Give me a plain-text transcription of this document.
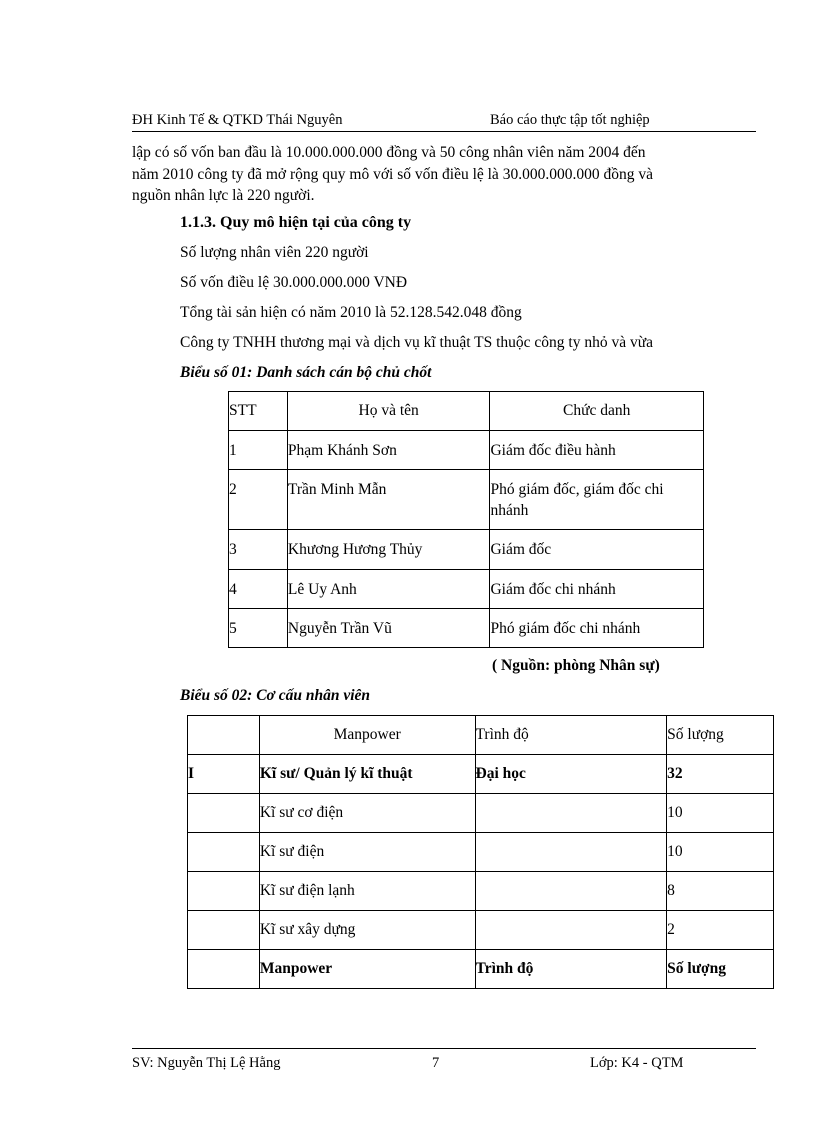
ĐH Kinh Tế & QTKD Thái Nguyên	Báo cáo thực tập tốt nghiệp
lập có số vốn ban đầu là 10.000.000.000 đồng và 50 công nhân viên năm 2004 đến
năm 2010 công ty đã mở rộng quy mô với số vốn điều lệ là 30.000.000.000 đồng và
nguồn nhân lực là 220 người.
1.1.3. Quy mô hiện tại của công ty
Số lượng nhân viên 220 người
Số vốn điều lệ 30.000.000.000 VNĐ
Tổng tài sản hiện có năm 2010 là 52.128.542.048 đồng
Công ty TNHH thương mại và dịch vụ kĩ thuật TS thuộc công ty nhỏ và vừa
Biểu số 01: Danh sách cán bộ chủ chốt
STT	Họ và tên	Chức danh
1	Phạm Khánh Sơn	Giám đốc điều hành
2	Trần Minh Mẫn	Phó giám đốc, giám đốc chi nhánh
3	Khương Hương Thủy	Giám đốc
4	Lê Uy Anh	Giám đốc chi nhánh
5	Nguyễn Trần Vũ	Phó giám đốc chi nhánh
( Nguồn: phòng Nhân sự)
Biểu số 02: Cơ cấu nhân viên
	Manpower	Trình độ	Số lượng
I	Kĩ sư/ Quản lý kĩ thuật	Đại học	32
	Kĩ sư cơ điện		10
	Kĩ sư điện		10
	Kĩ sư điện lạnh		8
	Kĩ sư xây dựng		2
	Manpower	Trình độ	Số lượng
SV: Nguyễn Thị Lệ Hằng	7	Lớp: K4 - QTM
